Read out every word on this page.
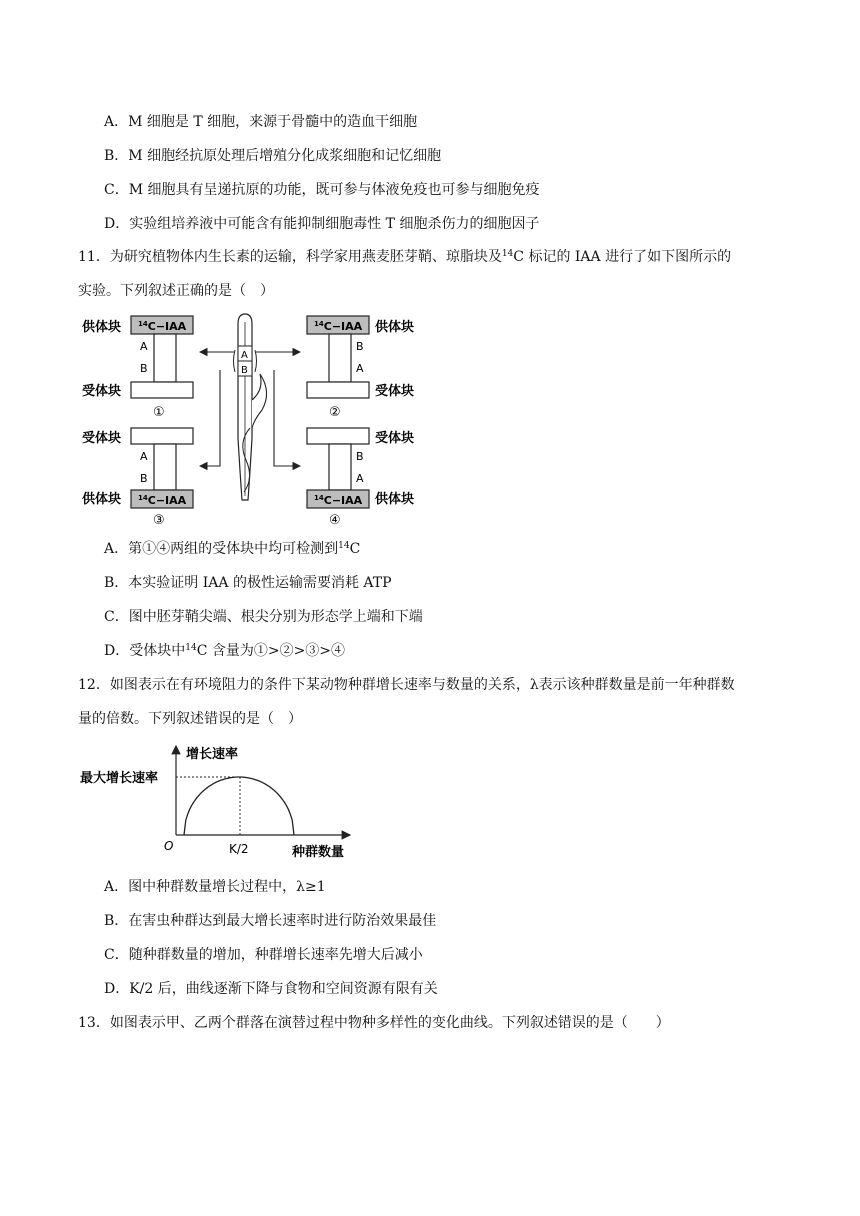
A．M 细胞是 T 细胞，来源于骨髓中的造血干细胞
B．M 细胞经抗原处理后增殖分化成浆细胞和记忆细胞
C．M 细胞具有呈递抗原的功能，既可参与体液免疫也可参与细胞免疫
D．实验组培养液中可能含有能抑制细胞毒性 T 细胞杀伤力的细胞因子
11．为研究植物体内生长素的运输，科学家用燕麦胚芽鞘、琼脂块及$^{14}$C 标记的 IAA 进行了如下图所示的
实验。下列叙述正确的是（　）
供体块 $^{14}$C−IAA
A
B
受体块
①
$^{14}$C−IAA 供体块
B
A
受体块
②
受体块
A
B
供体块 $^{14}$C−IAA
③
受体块
B
A
$^{14}$C−IAA 供体块
④
A
B
A．第①④两组的受体块中均可检测到$^{14}$C
B．本实验证明 IAA 的极性运输需要消耗 ATP
C．图中胚芽鞘尖端、根尖分别为形态学上端和下端
D．受体块中$^{14}$C 含量为①>②>③>④
12．如图表示在有环境阻力的条件下某动物种群增长速率与数量的关系，λ表示该种群数量是前一年种群数
量的倍数。下列叙述错误的是（　）
增长速率
最大增长速率
种群数量
O	K/2
A．图中种群数量增长过程中，λ≥1
B．在害虫种群达到最大增长速率时进行防治效果最佳
C．随种群数量的增加，种群增长速率先增大后减小
D．K/2 后，曲线逐渐下降与食物和空间资源有限有关
13．如图表示甲、乙两个群落在演替过程中物种多样性的变化曲线。下列叙述错误的是（　　）
